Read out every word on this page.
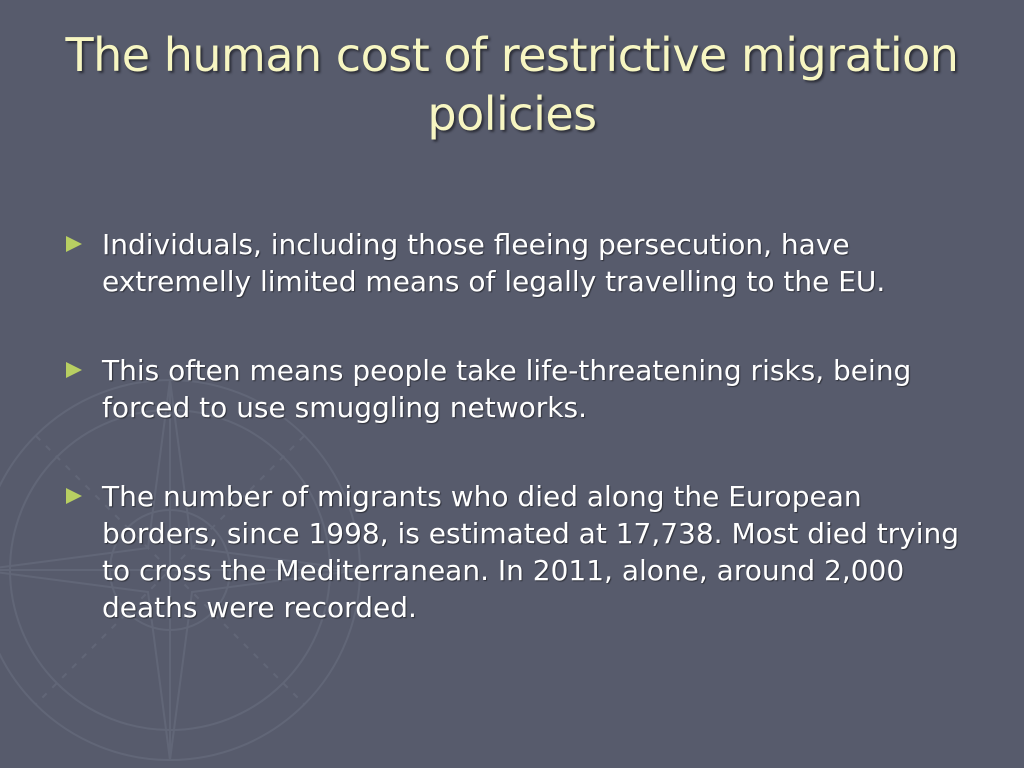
The human cost of restrictive migration policies
Individuals, including those fleeing persecution, have extremelly limited means of legally travelling to the EU.
This often means people take life-threatening risks, being forced to use smuggling networks.
The number of migrants who died along the European borders, since 1998, is estimated at 17,738. Most died trying to cross the Mediterranean. In 2011, alone, around 2,000 deaths were recorded.
